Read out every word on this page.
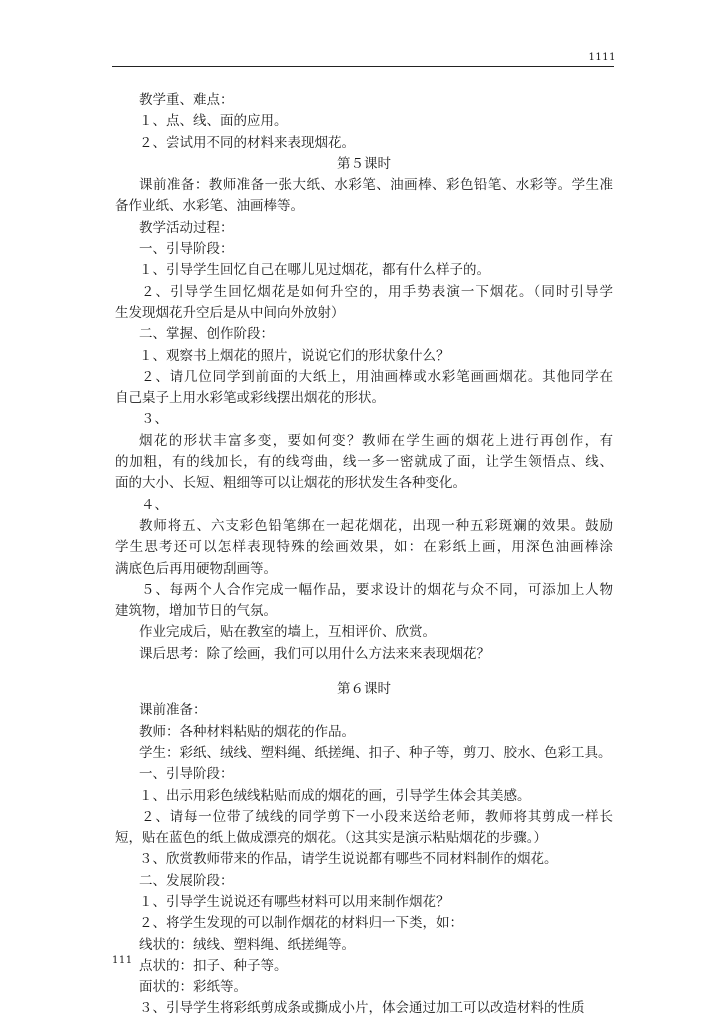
1111

教学重、难点：

１、点、线、面的应用。

２、尝试用不同的材料来表现烟花。

第５课时

课前准备：教师准备一张大纸、水彩笔、油画棒、彩色铅笔、水彩等。学生准

备作业纸、水彩笔、油画棒等。

教学活动过程：

一、引导阶段：

１、引导学生回忆自己在哪儿见过烟花，都有什么样子的。

２、引导学生回忆烟花是如何升空的，用手势表演一下烟花。（同时引导学

生发现烟花升空后是从中间向外放射）

二、掌握、创作阶段：

１、观察书上烟花的照片，说说它们的形状象什么？

２、请几位同学到前面的大纸上，用油画棒或水彩笔画画烟花。其他同学在

自己桌子上用水彩笔或彩线摆出烟花的形状。

３、

烟花的形状丰富多变，要如何变？教师在学生画的烟花上进行再创作，有

的加粗，有的线加长，有的线弯曲，线一多一密就成了面，让学生领悟点、线、

面的大小、长短、粗细等可以让烟花的形状发生各种变化。

４、

教师将五、六支彩色铅笔绑在一起花烟花，出现一种五彩斑斓的效果。鼓励

学生思考还可以怎样表现特殊的绘画效果，如：在彩纸上画，用深色油画棒涂

满底色后再用硬物刮画等。

５、每两个人合作完成一幅作品，要求设计的烟花与众不同，可添加上人物

建筑物，增加节日的气氛。

作业完成后，贴在教室的墙上，互相评价、欣赏。

课后思考：除了绘画，我们可以用什么方法来来表现烟花？

第６课时

课前准备：

教师：各种材料粘贴的烟花的作品。

学生：彩纸、绒线、塑料绳、纸搓绳、扣子、种子等，剪刀、胶水、色彩工具。

一、引导阶段：

１、出示用彩色绒线粘贴而成的烟花的画，引导学生体会其美感。

２、请每一位带了绒线的同学剪下一小段来送给老师，教师将其剪成一样长

短，贴在蓝色的纸上做成漂亮的烟花。（这其实是演示粘贴烟花的步骤。）

３、欣赏教师带来的作品，请学生说说都有哪些不同材料制作的烟花。

二、发展阶段：

１、引导学生说说还有哪些材料可以用来制作烟花？

２、将学生发现的可以制作烟花的材料归一下类，如：

线状的：绒线、塑料绳、纸搓绳等。

点状的：扣子、种子等。

面状的：彩纸等。

３、引导学生将彩纸剪成条或撕成小片，体会通过加工可以改造材料的性质

111
